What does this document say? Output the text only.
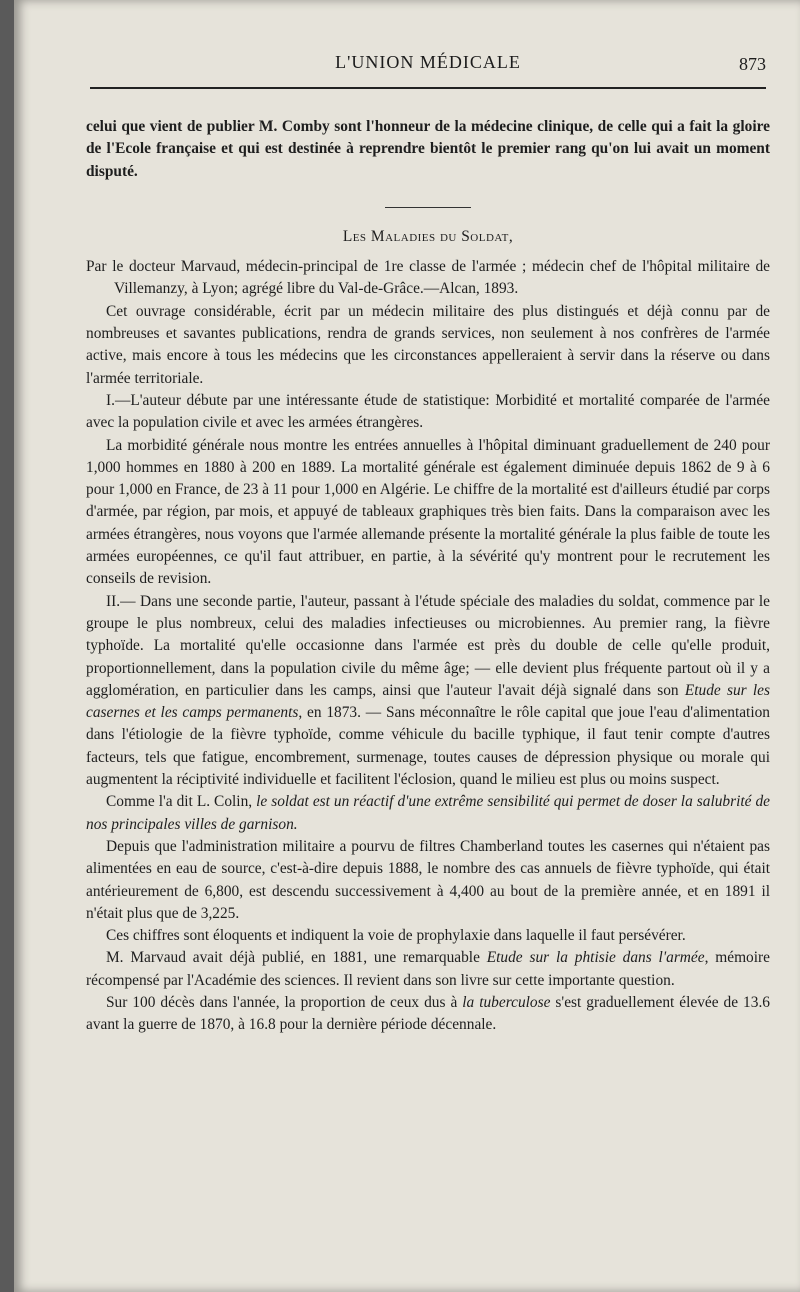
L'UNION MÉDICALE	873

celui que vient de publier M. Comby sont l'honneur de la médecine clinique, de celle qui a fait la gloire de l'Ecole française et qui est destinée à reprendre bientôt le premier rang qu'on lui avait un moment disputé.

Les Maladies du Soldat,

Par le docteur Marvaud, médecin-principal de 1re classe de l'armée ; médecin chef de l'hôpital militaire de Villemanzy, à Lyon; agrégé libre du Val-de-Grâce.—Alcan, 1893.

Cet ouvrage considérable, écrit par un médecin militaire des plus distingués et déjà connu par de nombreuses et savantes publications, rendra de grands services, non seulement à nos confrères de l'armée active, mais encore à tous les médecins que les circonstances appelleraient à servir dans la réserve ou dans l'armée territoriale.

I.—L'auteur débute par une intéressante étude de statistique: Morbidité et mortalité comparée de l'armée avec la population civile et avec les armées étrangères.

La morbidité générale nous montre les entrées annuelles à l'hôpital diminuant graduellement de 240 pour 1,000 hommes en 1880 à 200 en 1889. La mortalité générale est également diminuée depuis 1862 de 9 à 6 pour 1,000 en France, de 23 à 11 pour 1,000 en Algérie. Le chiffre de la mortalité est d'ailleurs étudié par corps d'armée, par région, par mois, et appuyé de tableaux graphiques très bien faits. Dans la comparaison avec les armées étrangères, nous voyons que l'armée allemande présente la mortalité générale la plus faible de toute les armées européennes, ce qu'il faut attribuer, en partie, à la sévérité qu'y montrent pour le recrutement les conseils de revision.

II.— Dans une seconde partie, l'auteur, passant à l'étude spéciale des maladies du soldat, commence par le groupe le plus nombreux, celui des maladies infectieuses ou microbiennes. Au premier rang, la fièvre typhoïde. La mortalité qu'elle occasionne dans l'armée est près du double de celle qu'elle produit, proportionnellement, dans la population civile du même âge; — elle devient plus fréquente partout où il y a agglomération, en particulier dans les camps, ainsi que l'auteur l'avait déjà signalé dans son Etude sur les casernes et les camps permanents, en 1873. — Sans méconnaître le rôle capital que joue l'eau d'alimentation dans l'étiologie de la fièvre typhoïde, comme véhicule du bacille typhique, il faut tenir compte d'autres facteurs, tels que fatigue, encombrement, surmenage, toutes causes de dépression physique ou morale qui augmentent la réciptivité individuelle et facilitent l'éclosion, quand le milieu est plus ou moins suspect.

Comme l'a dit L. Colin, le soldat est un réactif d'une extrême sensibilité qui permet de doser la salubrité de nos principales villes de garnison.

Depuis que l'administration militaire a pourvu de filtres Chamberland toutes les casernes qui n'étaient pas alimentées en eau de source, c'est-à-dire depuis 1888, le nombre des cas annuels de fièvre typhoïde, qui était antérieurement de 6,800, est descendu successivement à 4,400 au bout de la première année, et en 1891 il n'était plus que de 3,225.

Ces chiffres sont éloquents et indiquent la voie de prophylaxie dans laquelle il faut persévérer.

M. Marvaud avait déjà publié, en 1881, une remarquable Etude sur la phtisie dans l'armée, mémoire récompensé par l'Académie des sciences. Il revient dans son livre sur cette importante question.

Sur 100 décès dans l'année, la proportion de ceux dus à la tuberculose s'est graduellement élevée de 13.6 avant la guerre de 1870, à 16.8 pour la dernière période décennale.
